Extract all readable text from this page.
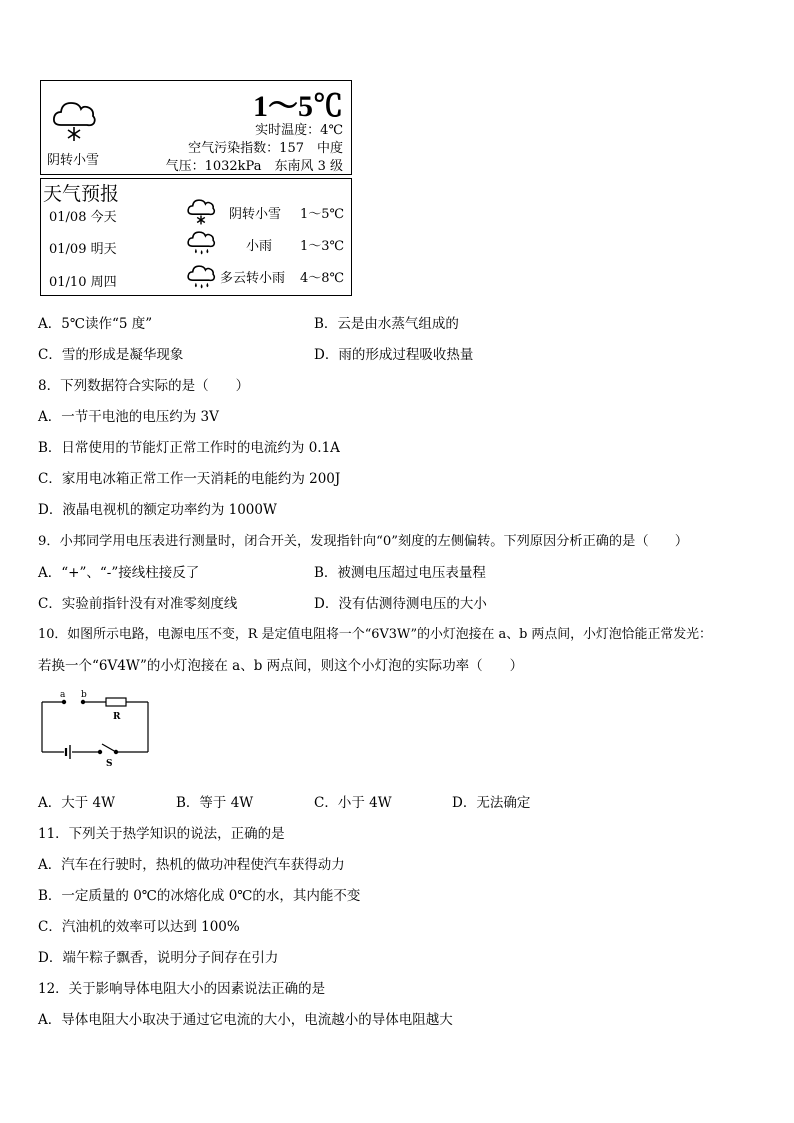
阴转小雪
1～5℃
实时温度：4℃
空气污染指数：157　中度
气压：1032kPa　东南风 3 级
天气预报
01/08 今天	阴转小雪 1～5℃
01/09 明天	小雨 1～3℃
01/10 周四	多云转小雨 4～8℃
A．5℃读作“5 度”	B．云是由水蒸气组成的
C．雪的形成是凝华现象	D．雨的形成过程吸收热量
8．下列数据符合实际的是（　　）
A．一节干电池的电压约为 3V
B．日常使用的节能灯正常工作时的电流约为 0.1A
C．家用电冰箱正常工作一天消耗的电能约为 200J
D．液晶电视机的额定功率约为 1000W
9．小邦同学用电压表进行测量时，闭合开关，发现指针向“0”刻度的左侧偏转。下列原因分析正确的是（　　）
A．“+”、“-”接线柱接反了	B．被测电压超过电压表量程
C．实验前指针没有对准零刻度线	D．没有估测待测电压的大小
10．如图所示电路，电源电压不变，R 是定值电阻将一个“6V3W”的小灯泡接在 a、b 两点间，小灯泡恰能正常发光：
若换一个“6V4W”的小灯泡接在 a、b 两点间，则这个小灯泡的实际功率（　　）
a b
R
S
A．大于 4W	B．等于 4W	C．小于 4W	D．无法确定
11．下列关于热学知识的说法，正确的是
A．汽车在行驶时，热机的做功冲程使汽车获得动力
B．一定质量的 0℃的冰熔化成 0℃的水，其内能不变
C．汽油机的效率可以达到 100%
D．端午粽子飘香，说明分子间存在引力
12．关于影响导体电阻大小的因素说法正确的是
A．导体电阻大小取决于通过它电流的大小，电流越小的导体电阻越大
